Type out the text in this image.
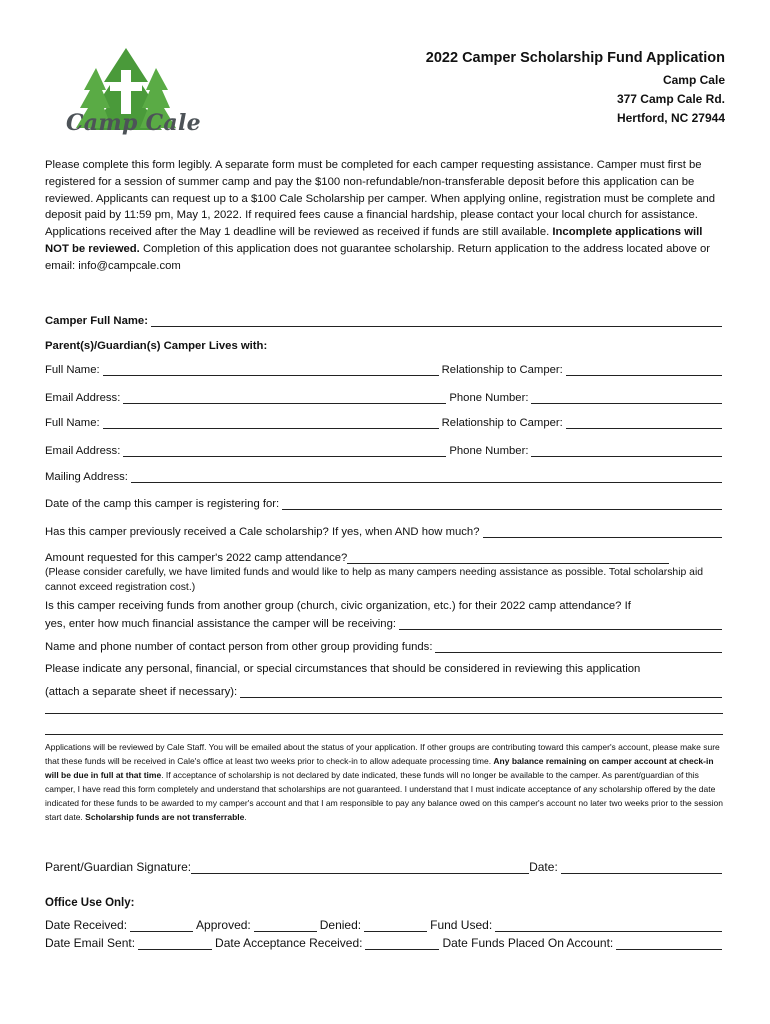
Camp Cale
2022 Camper Scholarship Fund Application
Camp Cale
377 Camp Cale Rd.
Hertford, NC 27944
Please complete this form legibly. A separate form must be completed for each camper requesting assistance. Camper must first be registered for a session of summer camp and pay the $100 non-refundable/non-transferable deposit before this application can be reviewed. Applicants can request up to a $100 Cale Scholarship per camper. When applying online, registration must be complete and deposit paid by 11:59 pm, May 1, 2022. If required fees cause a financial hardship, please contact your local church for assistance. Applications received after the May 1 deadline will be reviewed as received if funds are still available. Incomplete applications will NOT be reviewed. Completion of this application does not guarantee scholarship. Return application to the address located above or email: info@campcale.com
Camper Full Name:
Parent(s)/Guardian(s) Camper Lives with:
Full Name:	Relationship to Camper:
Email Address:	Phone Number:
Full Name:	Relationship to Camper:
Email Address:	Phone Number:
Mailing Address:
Date of the camp this camper is registering for:
Has this camper previously received a Cale scholarship? If yes, when AND how much?
Amount requested for this camper's 2022 camp attendance?
(Please consider carefully, we have limited funds and would like to help as many campers needing assistance as possible. Total scholarship aid cannot exceed registration cost.)
Is this camper receiving funds from another group (church, civic organization, etc.) for their 2022 camp attendance? If
yes, enter how much financial assistance the camper will be receiving:
Name and phone number of contact person from other group providing funds:
Please indicate any personal, financial, or special circumstances that should be considered in reviewing this application
(attach a separate sheet if necessary):
Applications will be reviewed by Cale Staff. You will be emailed about the status of your application. If other groups are contributing toward this camper's account, please make sure that these funds will be received in Cale's office at least two weeks prior to check-in to allow adequate processing time. Any balance remaining on camper account at check-in will be due in full at that time. If acceptance of scholarship is not declared by date indicated, these funds will no longer be available to the camper. As parent/guardian of this camper, I have read this form completely and understand that scholarships are not guaranteed. I understand that I must indicate acceptance of any scholarship offered by the date indicated for these funds to be awarded to my camper's account and that I am responsible to pay any balance owed on this camper's account no later two weeks prior to the session start date. Scholarship funds are not transferrable.
Parent/Guardian Signature:	Date:
Office Use Only:
Date Received:	Approved:	Denied:	Fund Used:
Date Email Sent:	Date Acceptance Received:	Date Funds Placed On Account:
